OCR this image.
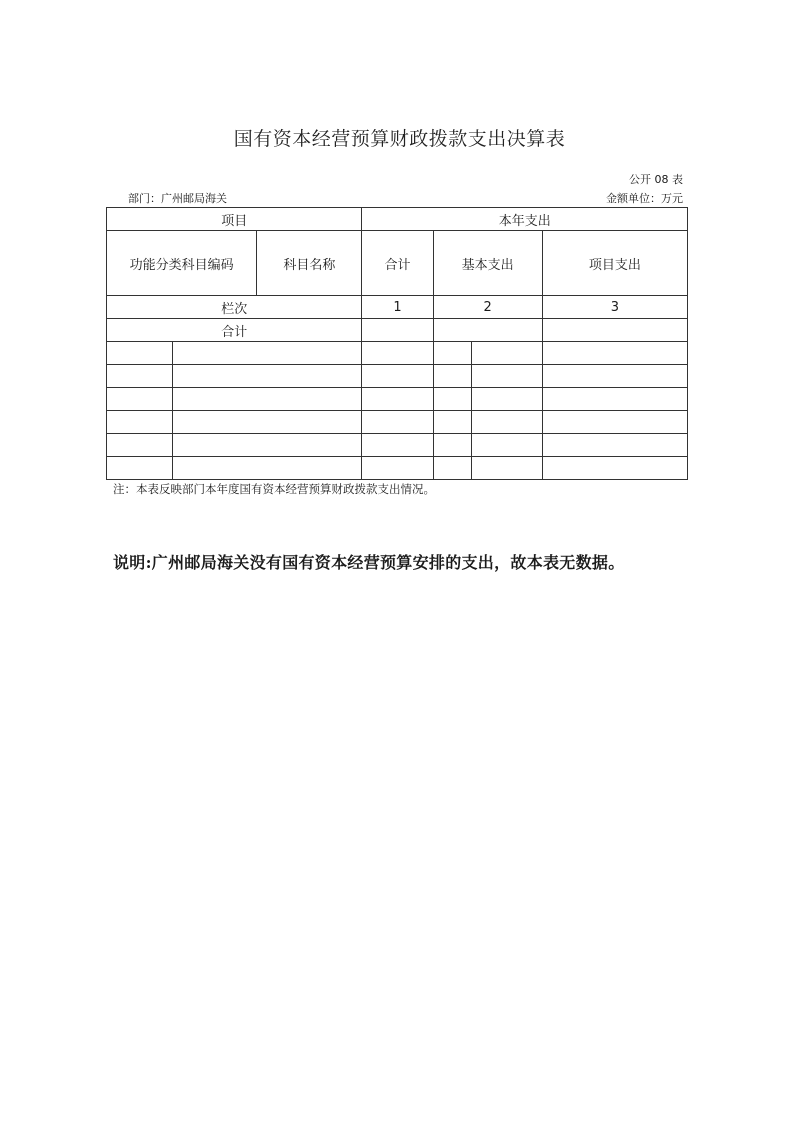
国有资本经营预算财政拨款支出决算表
公开 08 表
部门：广州邮局海关	金额单位：万元
项目			本年支出			
功能分类科目编码		科目名称	合计	基本支出		项目支出
栏次			1	2		3
合计						

注：本表反映部门本年度国有资本经营预算财政拨款支出情况。
说明:广州邮局海关没有国有资本经营预算安排的支出，故本表无数据。
